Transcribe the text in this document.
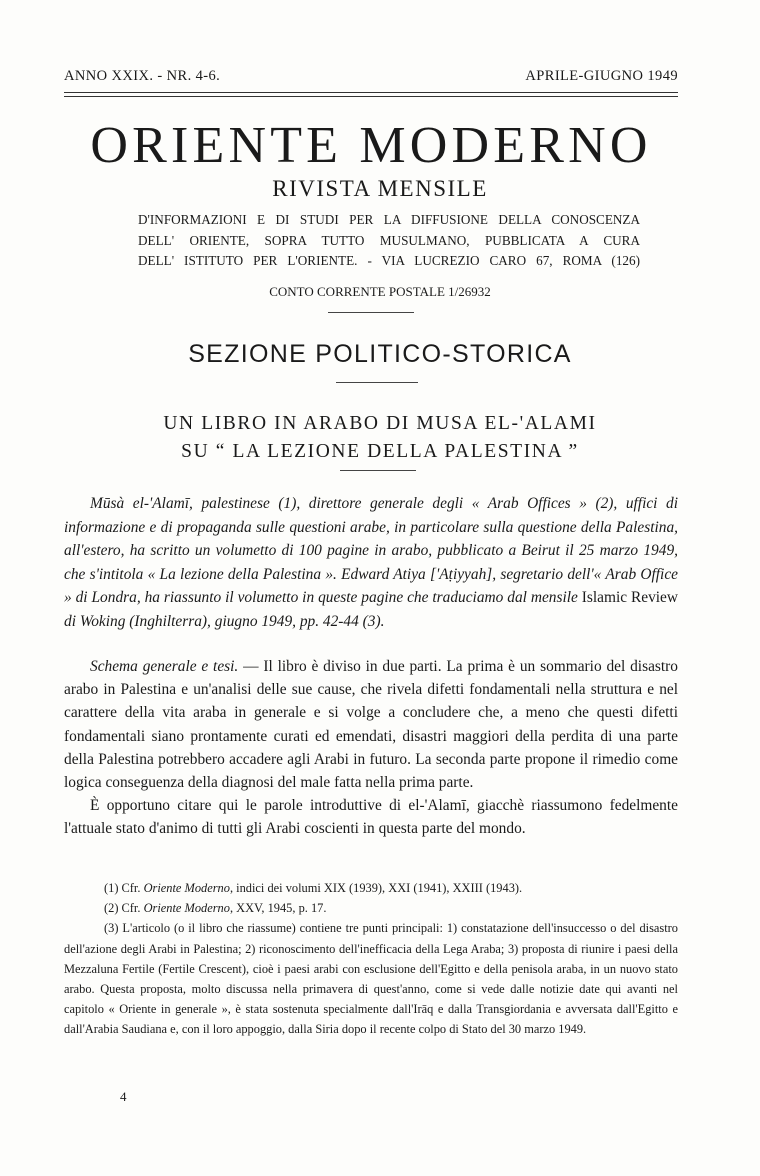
ANNO XXIX. - NR. 4-6.	APRILE-GIUGNO 1949
ORIENTE MODERNO
RIVISTA MENSILE
D'INFORMAZIONI E DI STUDI PER LA DIFFUSIONE DELLA CONOSCENZA
DELL' ORIENTE, SOPRA TUTTO MUSULMANO, PUBBLICATA A CURA
DELL' ISTITUTO PER L'ORIENTE. - VIA LUCREZIO CARO 67, ROMA (126)
CONTO CORRENTE POSTALE 1/26932
SEZIONE POLITICO-STORICA
UN LIBRO IN ARABO DI MUSA EL-'ALAMI
SU “ LA LEZIONE DELLA PALESTINA ”
Mūsà el-'Alamī, palestinese (1), direttore generale degli « Arab Offices » (2), uffici di informazione e di propaganda sulle questioni arabe, in particolare sulla questione della Palestina, all'estero, ha scritto un volumetto di 100 pagine in arabo, pubblicato a Beirut il 25 marzo 1949, che s'intitola « La lezione della Palestina ». Edward Atiya ['Aṭiyyah], segretario dell'« Arab Office » di Londra, ha riassunto il volumetto in queste pagine che traduciamo dal mensile Islamic Review di Woking (Inghilterra), giugno 1949, pp. 42-44 (3).

Schema generale e tesi. — Il libro è diviso in due parti. La prima è un sommario del disastro arabo in Palestina e un'analisi delle sue cause, che rivela difetti fondamentali nella struttura e nel carattere della vita araba in generale e si volge a concludere che, a meno che questi difetti fondamentali siano prontamente curati ed emendati, disastri maggiori della perdita di una parte della Palestina potrebbero accadere agli Arabi in futuro. La seconda parte propone il rimedio come logica conseguenza della diagnosi del male fatta nella prima parte.

È opportuno citare qui le parole introduttive di el-'Alamī, giacchè riassumono fedelmente l'attuale stato d'animo di tutti gli Arabi coscienti in questa parte del mondo.

(1) Cfr. Oriente Moderno, indici dei volumi XIX (1939), XXI (1941), XXIII (1943).

(2) Cfr. Oriente Moderno, XXV, 1945, p. 17.

(3) L'articolo (o il libro che riassume) contiene tre punti principali: 1) constatazione dell'insuccesso o del disastro dell'azione degli Arabi in Palestina; 2) riconoscimento dell'inefficacia della Lega Araba; 3) proposta di riunire i paesi della Mezzaluna Fertile (Fertile Crescent), cioè i paesi arabi con esclusione dell'Egitto e della penisola araba, in un nuovo stato arabo. Questa proposta, molto discussa nella primavera di quest'anno, come si vede dalle notizie date qui avanti nel capitolo « Oriente in generale », è stata sostenuta specialmente dall'Irāq e dalla Transgiordania e avversata dall'Egitto e dall'Arabia Saudiana e, con il loro appoggio, dalla Siria dopo il recente colpo di Stato del 30 marzo 1949.

4
